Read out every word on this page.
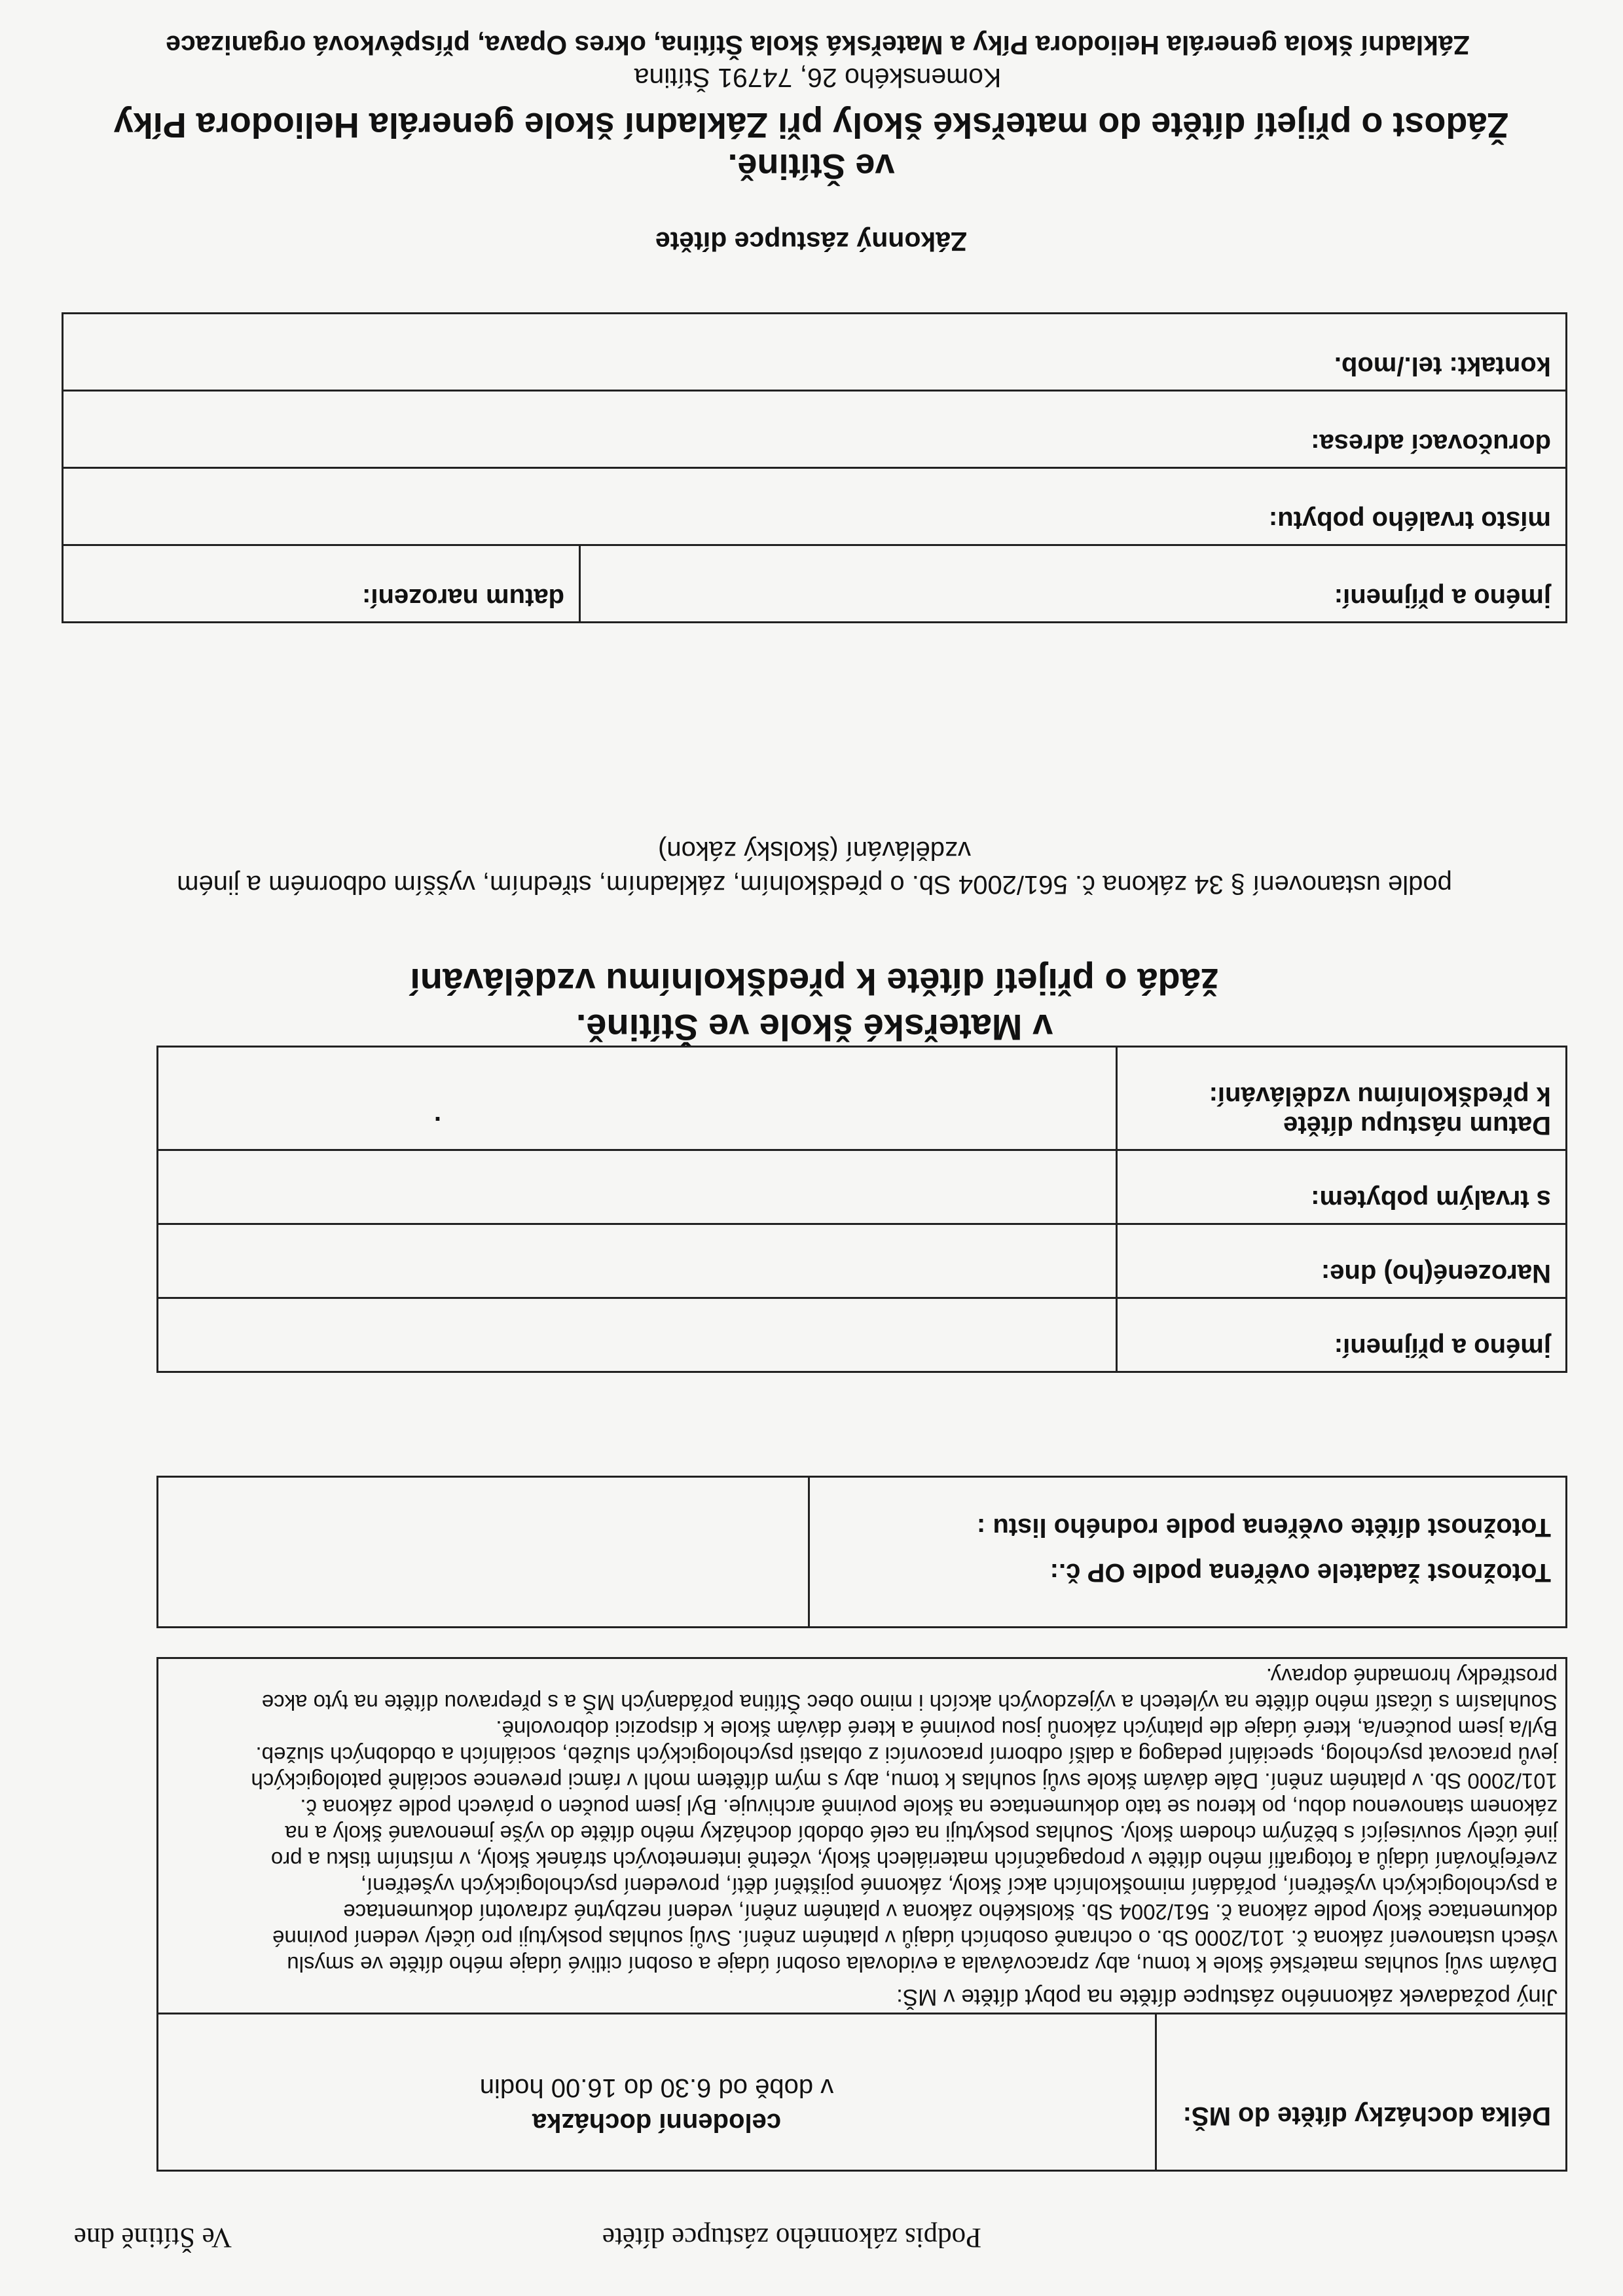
Základní škola generála Heliodora Píky a Mateřská škola Štítina, okres Opava, příspěvková organizace
Komenského 26, 74791 Štítina
Žádost o přijetí dítěte do mateřské školy při Základní škole generála Heliodora Píky
ve Štítině.
Zákonný zástupce dítěte
jméno a příjmení:	datum narození:
místo trvalého pobytu:
doručovací adresa:
kontakt: tel./mob.
podle ustanovení § 34 zákona č. 561/2004 Sb. o předškolním, základním, středním, vyšším odborném a jiném
vzdělávání (školský zákon)
žádá o přijetí dítěte k předškolnímu vzdělávání
v Mateřské škole ve Štítině.
jméno a příjmení:	
Narozené(ho) dne:	
s trvalým pobytem:	

Datum nástupu dítěte
k předškolnímu vzdělávání:	.
Totožnost žadatele ověřena podle OP č.:
Totožnost dítěte ověřena podle rodného listu :

Délka docházky dítěte do MŠ:	
celodenní docházka
v době od 6.30 do 16.00 hodin

Jiný požadavek zákonného zástupce dítěte na pobyt dítěte v MŠ:
Dávám svůj souhlas mateřské škole k tomu, aby zpracovávala a evidovala osobní údaje a osobní citlivé údaje mého dítěte ve smyslu
všech ustanovení zákona č. 101/2000 Sb. o ochraně osobních údajů v platném znění. Svůj souhlas poskytuji pro účely vedení povinné
dokumentace školy podle zákona č. 561/2004 Sb. školského zákona v platném znění, vedení nezbytné zdravotní dokumentace
a psychologických vyšetření, pořádání mimoškolních akcí školy, zákonné pojištění dětí, provedení psychologických vyšetření,
zveřejňování údajů a fotografií mého dítěte v propagačních materiálech školy, včetně internetových stránek školy, v místním tisku a pro
jiné účely související s běžným chodem školy. Souhlas poskytuji na celé období docházky mého dítěte do výše jmenované školy a na
zákonem stanovenou dobu, po kterou se tato dokumentace na škole povinně archivuje. Byl jsem poučen o právech podle zákona č.
101/2000 Sb. v platném znění. Dále dávám škole svůj souhlas k tomu, aby s mým dítětem mohl v rámci prevence sociálně patologických
jevů pracovat psycholog, speciální pedagog a další odborní pracovníci z oblasti psychologických služeb, sociálních a obdobných služeb.
Byl/a jsem poučen/a, které údaje dle platných zákonů jsou povinné a které dávám škole k dispozici dobrovolně.
Souhlasím s účastí mého dítěte na výletech a výjezdových akcích i mimo obec Štítina pořádaných MŠ a s přepravou dítěte na tyto akce
prostředky hromadné dopravy.
Ve Štítině dne	Podpis zákonného zástupce dítěte
